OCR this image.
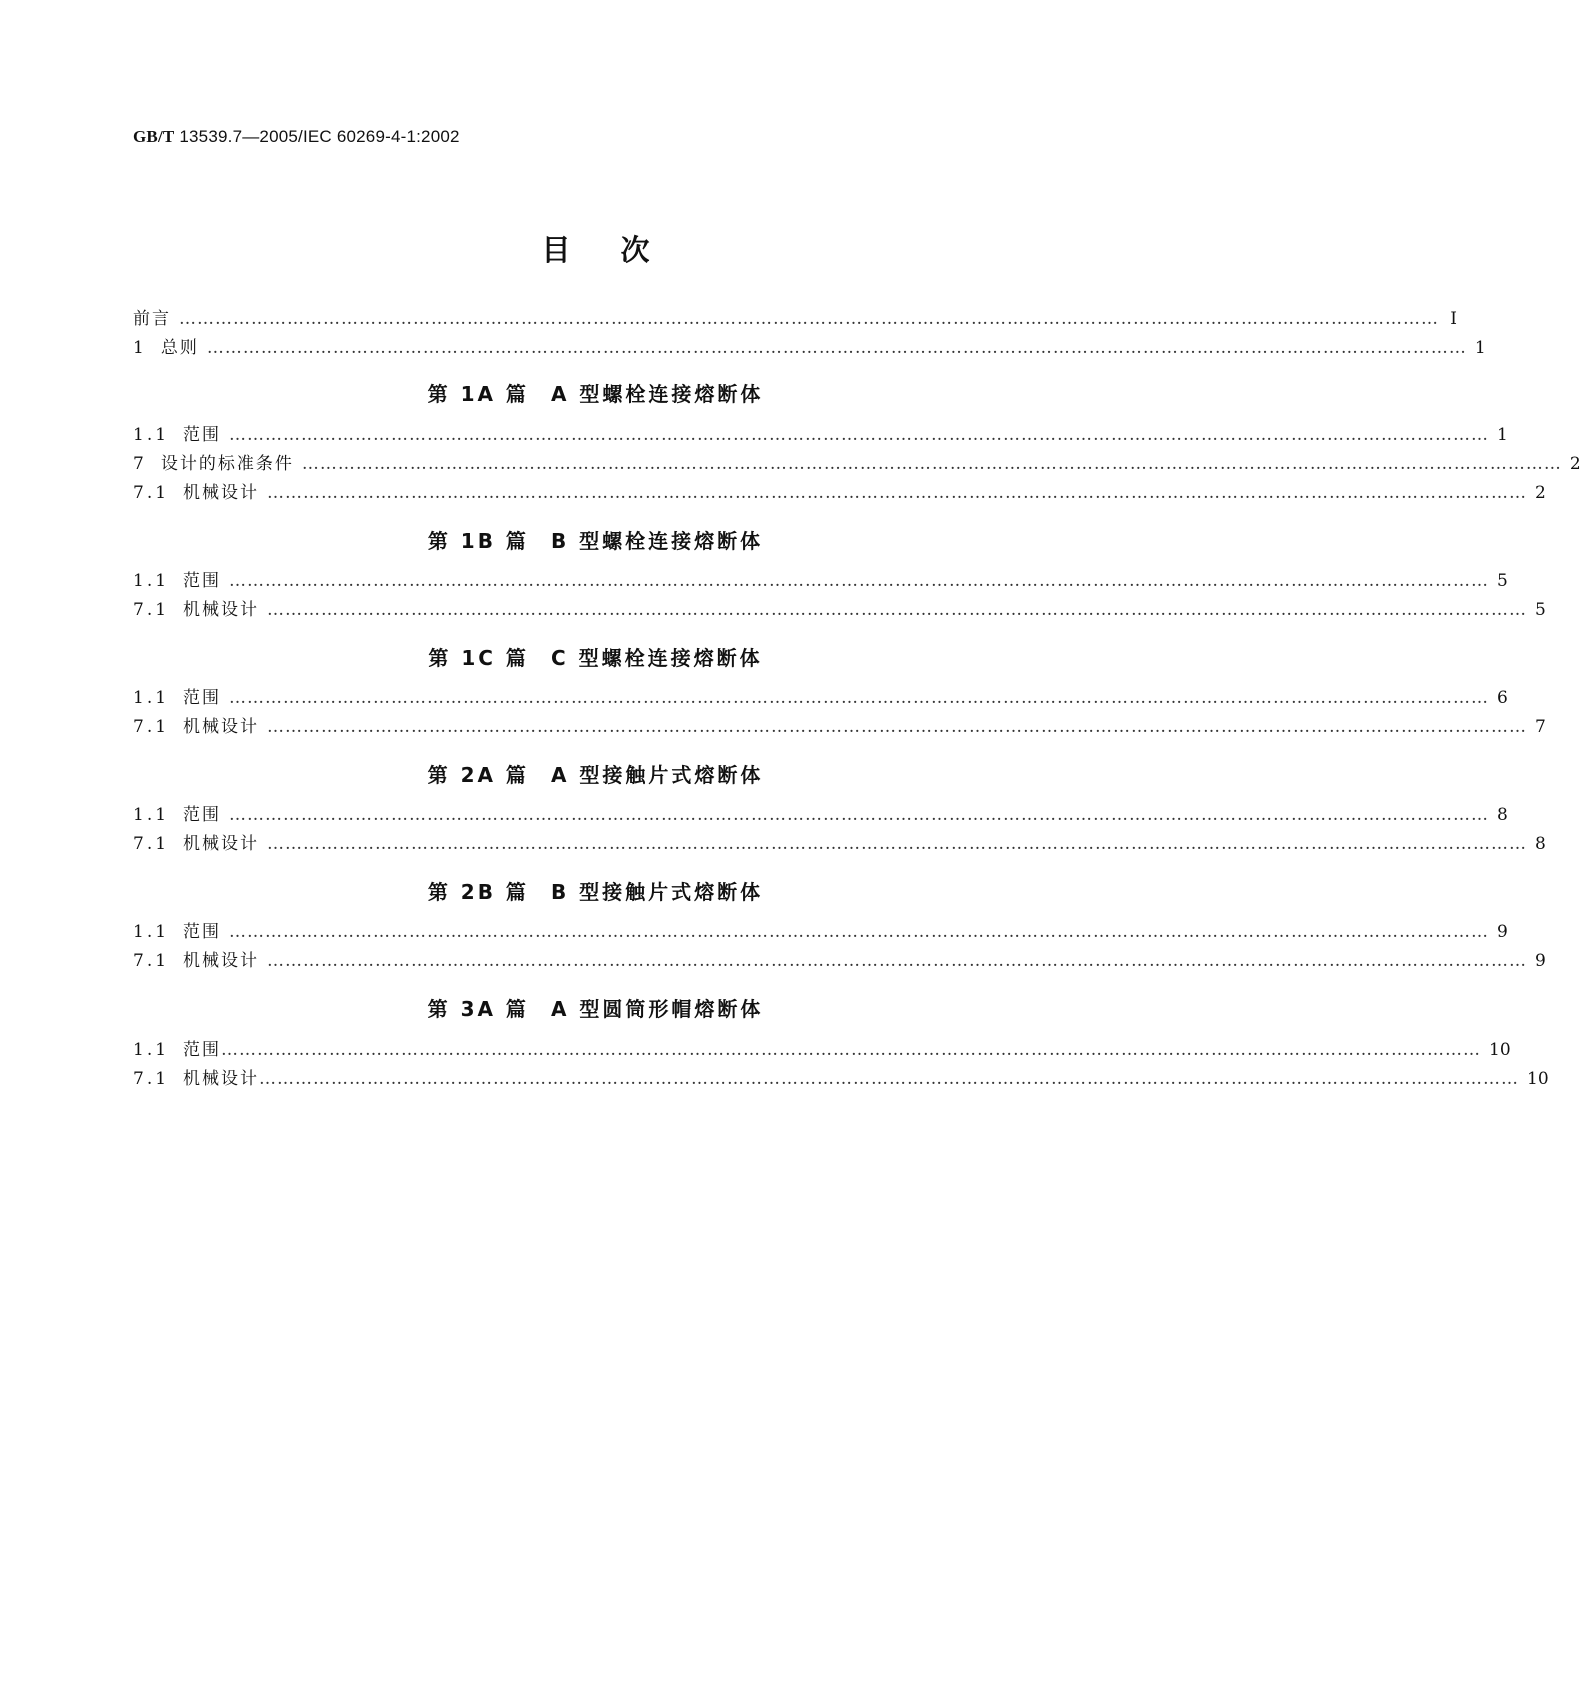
GB/T 13539.7—2005/IEC 60269-4-1:2002
目次
前言 ………………………………………………………………………………………………………………………………………………………………………………………… I
1 总则 ………………………………………………………………………………………………………………………………………………………………………………………… 1
第 1A 篇 A 型螺栓连接熔断体
1.1 范围 ………………………………………………………………………………………………………………………………………………………………………………………… 1
7 设计的标准条件 ………………………………………………………………………………………………………………………………………………………………………………………… 2
7.1 机械设计 ………………………………………………………………………………………………………………………………………………………………………………………… 2
第 1B 篇 B 型螺栓连接熔断体
1.1 范围 ………………………………………………………………………………………………………………………………………………………………………………………… 5
7.1 机械设计 ………………………………………………………………………………………………………………………………………………………………………………………… 5
第 1C 篇 C 型螺栓连接熔断体
1.1 范围 ………………………………………………………………………………………………………………………………………………………………………………………… 6
7.1 机械设计 ………………………………………………………………………………………………………………………………………………………………………………………… 7
第 2A 篇 A 型接触片式熔断体
1.1 范围 ………………………………………………………………………………………………………………………………………………………………………………………… 8
7.1 机械设计 ………………………………………………………………………………………………………………………………………………………………………………………… 8
第 2B 篇 B 型接触片式熔断体
1.1 范围 ………………………………………………………………………………………………………………………………………………………………………………………… 9
7.1 机械设计 ………………………………………………………………………………………………………………………………………………………………………………………… 9
第 3A 篇 A 型圆筒形帽熔断体
1.1 范围 ………………………………………………………………………………………………………………………………………………………………………………………… 10
7.1 机械设计 ………………………………………………………………………………………………………………………………………………………………………………………… 10
